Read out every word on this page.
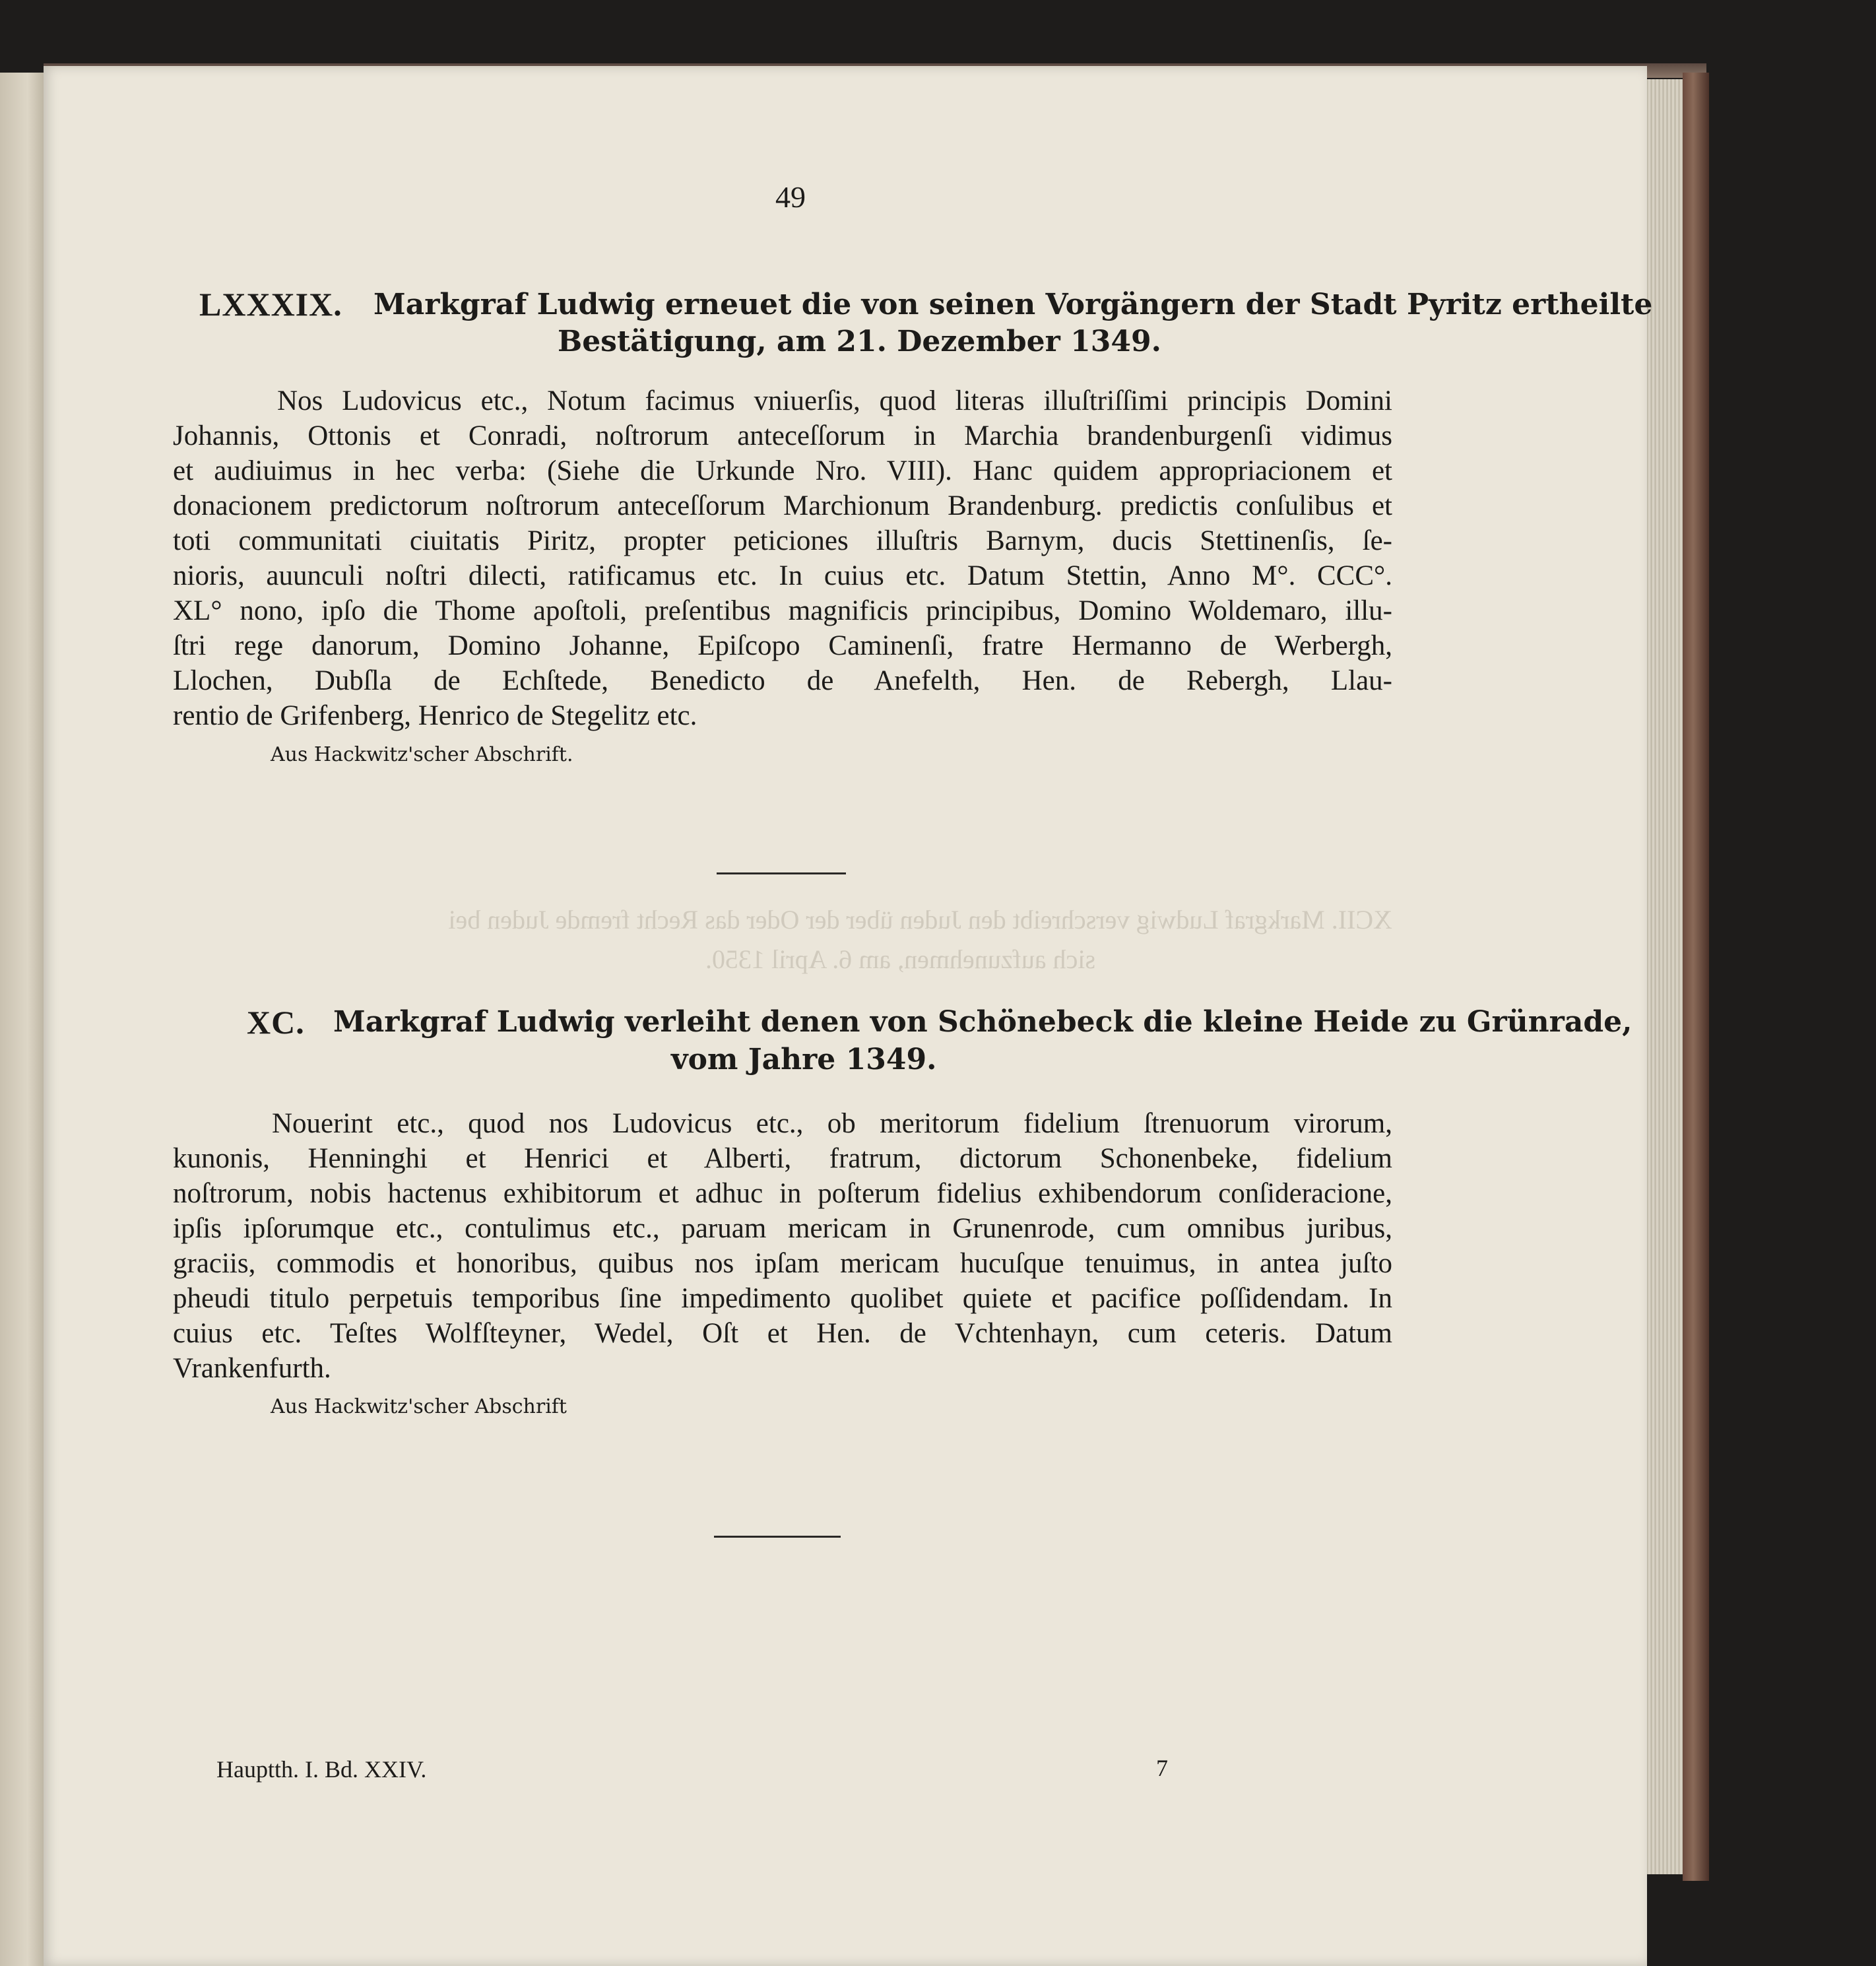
XCII. Markgraf Ludwig verschreibt den Juden über der Oder das Recht fremde Juden bei
sich aufzunehmen, am 6. April 1350.
49
LXXXIX. Markgraf Ludwig erneuet die von seinen Vorgängern der Stadt Pyritz ertheilte
Bestätigung, am 21. Dezember 1349.
Nos Ludovicus etc., Notum facimus vniuerſis, quod literas illuſtriſſimi principis Domini
Johannis, Ottonis et Conradi, noſtrorum anteceſſorum in Marchia brandenburgenſi vidimus
et audiuimus in hec verba: (Siehe die Urkunde Nro. VIII). Hanc quidem appropriacionem et
donacionem predictorum noſtrorum anteceſſorum Marchionum Brandenburg. predictis conſulibus et
toti communitati ciuitatis Piritz, propter peticiones illuſtris Barnym, ducis Stettinenſis, ſe-
nioris, auunculi noſtri dilecti, ratificamus etc. In cuius etc. Datum Stettin, Anno M°. CCC°.
XL° nono, ipſo die Thome apoſtoli, preſentibus magnificis principibus, Domino Woldemaro, illu-
ſtri rege danorum, Domino Johanne, Epiſcopo Caminenſi, fratre Hermanno de Werbergh,
Llochen, Dubſla de Echſtede, Benedicto de Anefelth, Hen. de Rebergh, Llau-
rentio de Grifenberg, Henrico de Stegelitz etc.
Aus Hackwitz'scher Abschrift.
XC. Markgraf Ludwig verleiht denen von Schönebeck die kleine Heide zu Grünrade,
vom Jahre 1349.
Nouerint etc., quod nos Ludovicus etc., ob meritorum fidelium ſtrenuorum virorum,
kunonis, Henninghi et Henrici et Alberti, fratrum, dictorum Schonenbeke, fidelium
noſtrorum, nobis hactenus exhibitorum et adhuc in poſterum fidelius exhibendorum conſideracione,
ipſis ipſorumque etc., contulimus etc., paruam mericam in Grunenrode, cum omnibus juribus,
graciis, commodis et honoribus, quibus nos ipſam mericam hucuſque tenuimus, in antea juſto
pheudi titulo perpetuis temporibus ſine impedimento quolibet quiete et pacifice poſſidendam. In
cuius etc. Teſtes Wolfſteyner, Wedel, Oſt et Hen. de Vchtenhayn, cum ceteris. Datum
Vrankenfurth.
Aus Hackwitz'scher Abschrift
Hauptth. I. Bd. XXIV.	7
